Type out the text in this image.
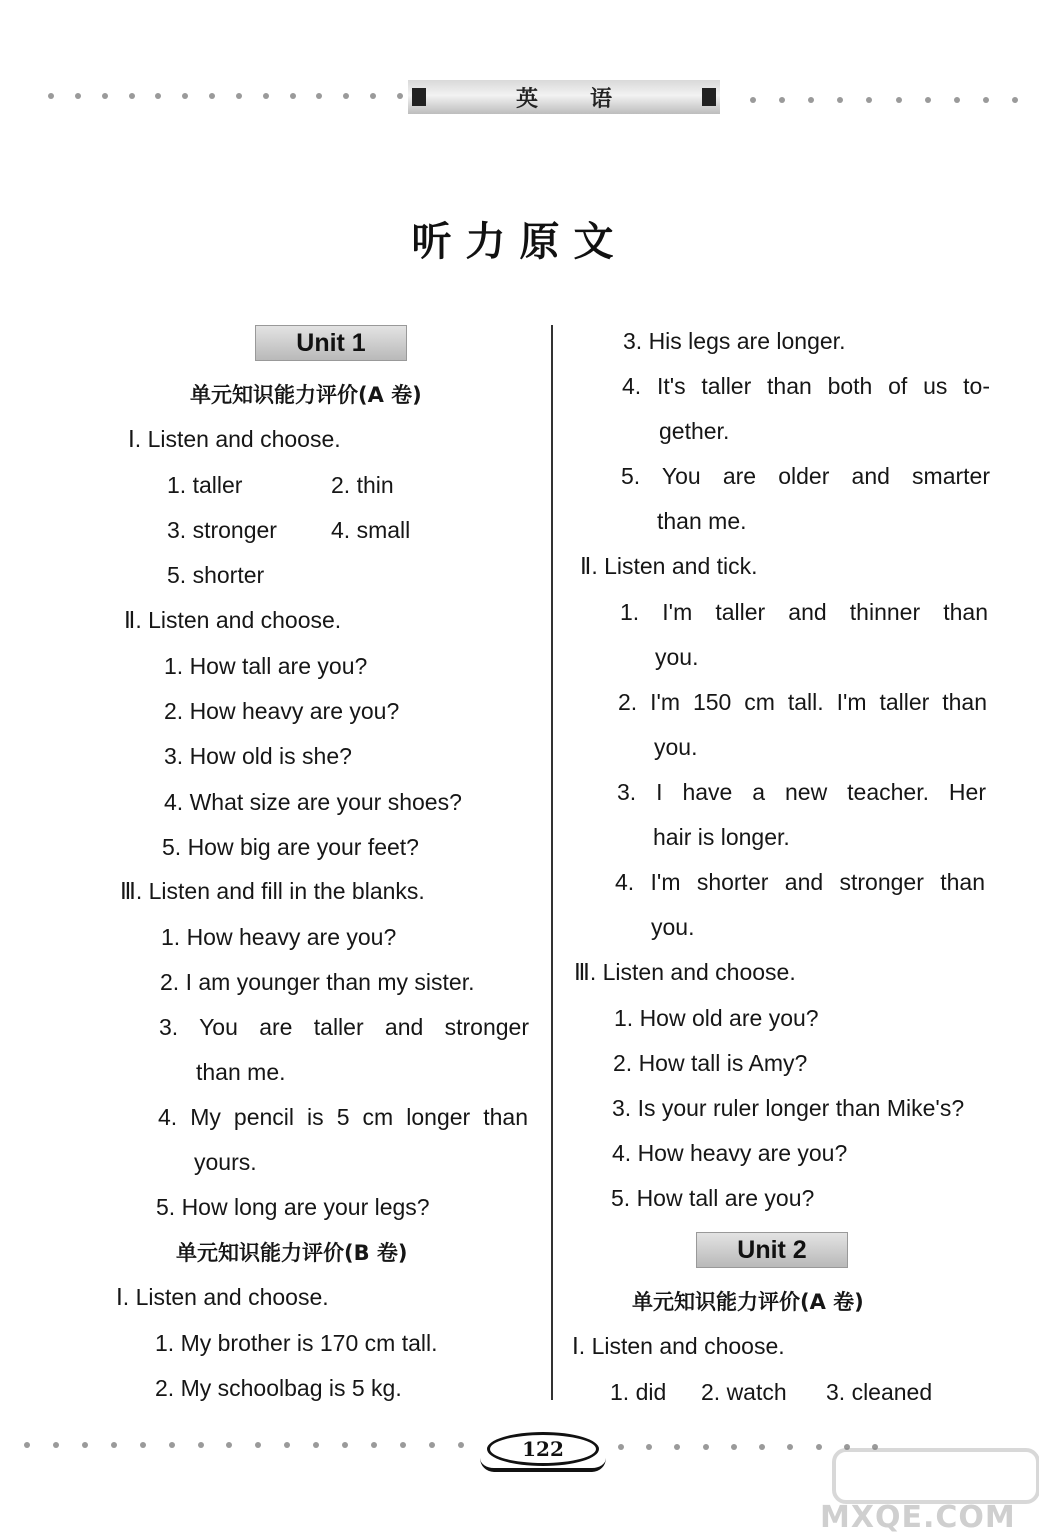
英语
听力原文
Unit 1
单元知识能力评价(A 卷)
Ⅰ. Listen and choose.
1. taller	2. thin
3. stronger 4. small
5. shorter
Ⅱ. Listen and choose.
1. How tall are you?
2. How heavy are you?
3. How old is she?
4. What size are your shoes?
5. How big are your feet?
Ⅲ. Listen and fill in the blanks.
1. How heavy are you?
2. I am younger than my sister.
3. You are taller and stronger
than me.
4. My pencil is 5 cm longer than
yours.
5. How long are your legs?
单元知识能力评价(B 卷)
Ⅰ. Listen and choose.
1. My brother is 170 cm tall.
2. My schoolbag is 5 kg.
3. His legs are longer.
4. It's taller than both of us to-
gether.
5. You are older and smarter
than me.
Ⅱ. Listen and tick.
1. I'm taller and thinner than
you.
2. I'm 150 cm tall. I'm taller than
you.
3. I have a new teacher. Her
hair is longer.
4. I'm shorter and stronger than
you.
Ⅲ. Listen and choose.
1. How old are you?
2. How tall is Amy?
3. Is your ruler longer than Mike's?
4. How heavy are you?
5. How tall are you?
Unit 2
单元知识能力评价(A 卷)
Ⅰ. Listen and choose.
1. did 2. watch 3. cleaned
122
MXQE.COM
